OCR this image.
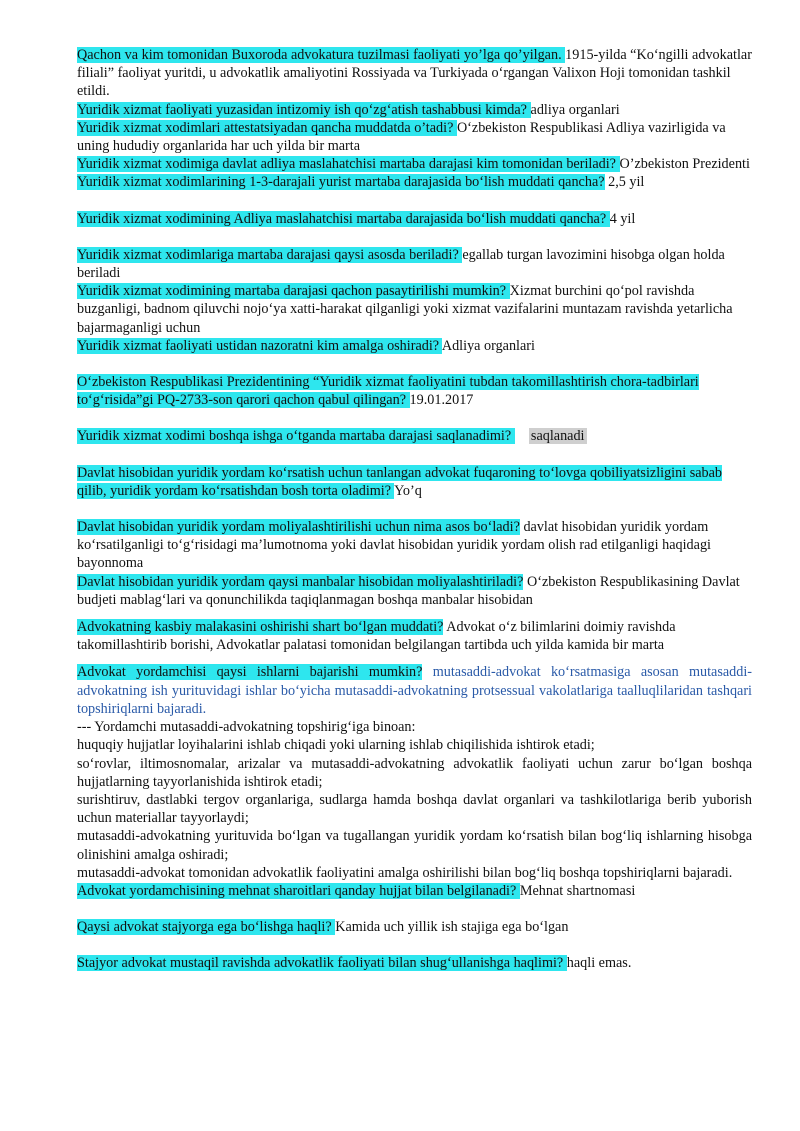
Qachon va kim tomonidan Buxoroda advokatura tuzilmasi faoliyati yo’lga qo’yilgan. 1915-yilda “Ko‘ngilli advokatlar filiali” faoliyat yuritdi, u advokatlik amaliyotini Rossiyada va Turkiyada o‘rgangan Valixon Hoji tomonidan tashkil etildi.

Yuridik xizmat faoliyati yuzasidan intizomiy ish qo‘zg‘atish tashabbusi kimda? adliya organlari

Yuridik xizmat xodimlari attestatsiyadan qancha muddatda o’tadi? O‘zbekiston Respublikasi Adliya vazirligida va uning hududiy organlarida har uch yilda bir marta

Yuridik xizmat xodimiga davlat adliya maslahatchisi martaba darajasi kim tomonidan beriladi? O’zbekiston Prezidenti

Yuridik xizmat xodimlarining 1-3-darajali yurist martaba darajasida bo‘lish muddati qancha? 2,5 yil

Yuridik xizmat xodimining Adliya maslahatchisi martaba darajasida bo‘lish muddati qancha? 4 yil

Yuridik xizmat xodimlariga martaba darajasi qaysi asosda beriladi? egallab turgan lavozimini hisobga olgan holda beriladi

Yuridik xizmat xodimining martaba darajasi qachon pasaytirilishi mumkin? Xizmat burchini qo‘pol ravishda buzganligi, badnom qiluvchi nojo‘ya xatti-harakat qilganligi yoki xizmat vazifalarini muntazam ravishda yetarlicha bajarmaganligi uchun

Yuridik xizmat faoliyati ustidan nazoratni kim amalga oshiradi? Adliya organlari

O‘zbekiston Respublikasi Prezidentining “Yuridik xizmat faoliyatini tubdan takomillashtirish chora-tadbirlari to‘g‘risida”gi PQ-2733-son qarori qachon qabul qilingan? 19.01.2017

Yuridik xizmat xodimi boshqa ishga o‘tganda martaba darajasi saqlanadimi?     saqlanadi

Davlat hisobidan yuridik yordam ko‘rsatish uchun tanlangan advokat fuqaroning to‘lovga qobiliyatsizligini sabab qilib, yuridik yordam ko‘rsatishdan bosh torta oladimi? Yo’q

Davlat hisobidan yuridik yordam moliyalashtirilishi uchun nima asos bo‘ladi? davlat hisobidan yuridik yordam ko‘rsatilganligi to‘g‘risidagi ma’lumotnoma yoki davlat hisobidan yuridik yordam olish rad etilganligi haqidagi bayonnoma

Davlat hisobidan yuridik yordam qaysi manbalar hisobidan moliyalashtiriladi? O‘zbekiston Respublikasining Davlat budjeti mablag‘lari va qonunchilikda taqiqlanmagan boshqa manbalar hisobidan

Advokatning kasbiy malakasini oshirishi shart bo‘lgan muddati? Advokat o‘z bilimlarini doimiy ravishda takomillashtirib borishi, Advokatlar palatasi tomonidan belgilangan tartibda uch yilda kamida bir marta

Advokat yordamchisi qaysi ishlarni bajarishi mumkin? mutasaddi-advokat ko‘rsatmasiga asosan mutasaddi-advokatning ish yurituvidagi ishlar bo‘yicha mutasaddi-advokatning protsessual vakolatlariga taalluqlilaridan tashqari topshiriqlarni bajaradi.

--- Yordamchi mutasaddi-advokatning topshirig‘iga binoan:

huquqiy hujjatlar loyihalarini ishlab chiqadi yoki ularning ishlab chiqilishida ishtirok etadi;

so‘rovlar, iltimosnomalar, arizalar va mutasaddi-advokatning advokatlik faoliyati uchun zarur bo‘lgan boshqa hujjatlarning tayyorlanishida ishtirok etadi;

surishtiruv, dastlabki tergov organlariga, sudlarga hamda boshqa davlat organlari va tashkilotlariga berib yuborish uchun materiallar tayyorlaydi;

mutasaddi-advokatning yurituvida bo‘lgan va tugallangan yuridik yordam ko‘rsatish bilan bog‘liq ishlarning hisobga olinishini amalga oshiradi;

mutasaddi-advokat tomonidan advokatlik faoliyatini amalga oshirilishi bilan bog‘liq boshqa topshiriqlarni bajaradi.

Advokat yordamchisining mehnat sharoitlari qanday hujjat bilan belgilanadi? Mehnat shartnomasi

Qaysi advokat stajyorga ega bo‘lishga haqli? Kamida uch yillik ish stajiga ega bo‘lgan

Stajyor advokat mustaqil ravishda advokatlik faoliyati bilan shug‘ullanishga haqlimi? haqli emas.
